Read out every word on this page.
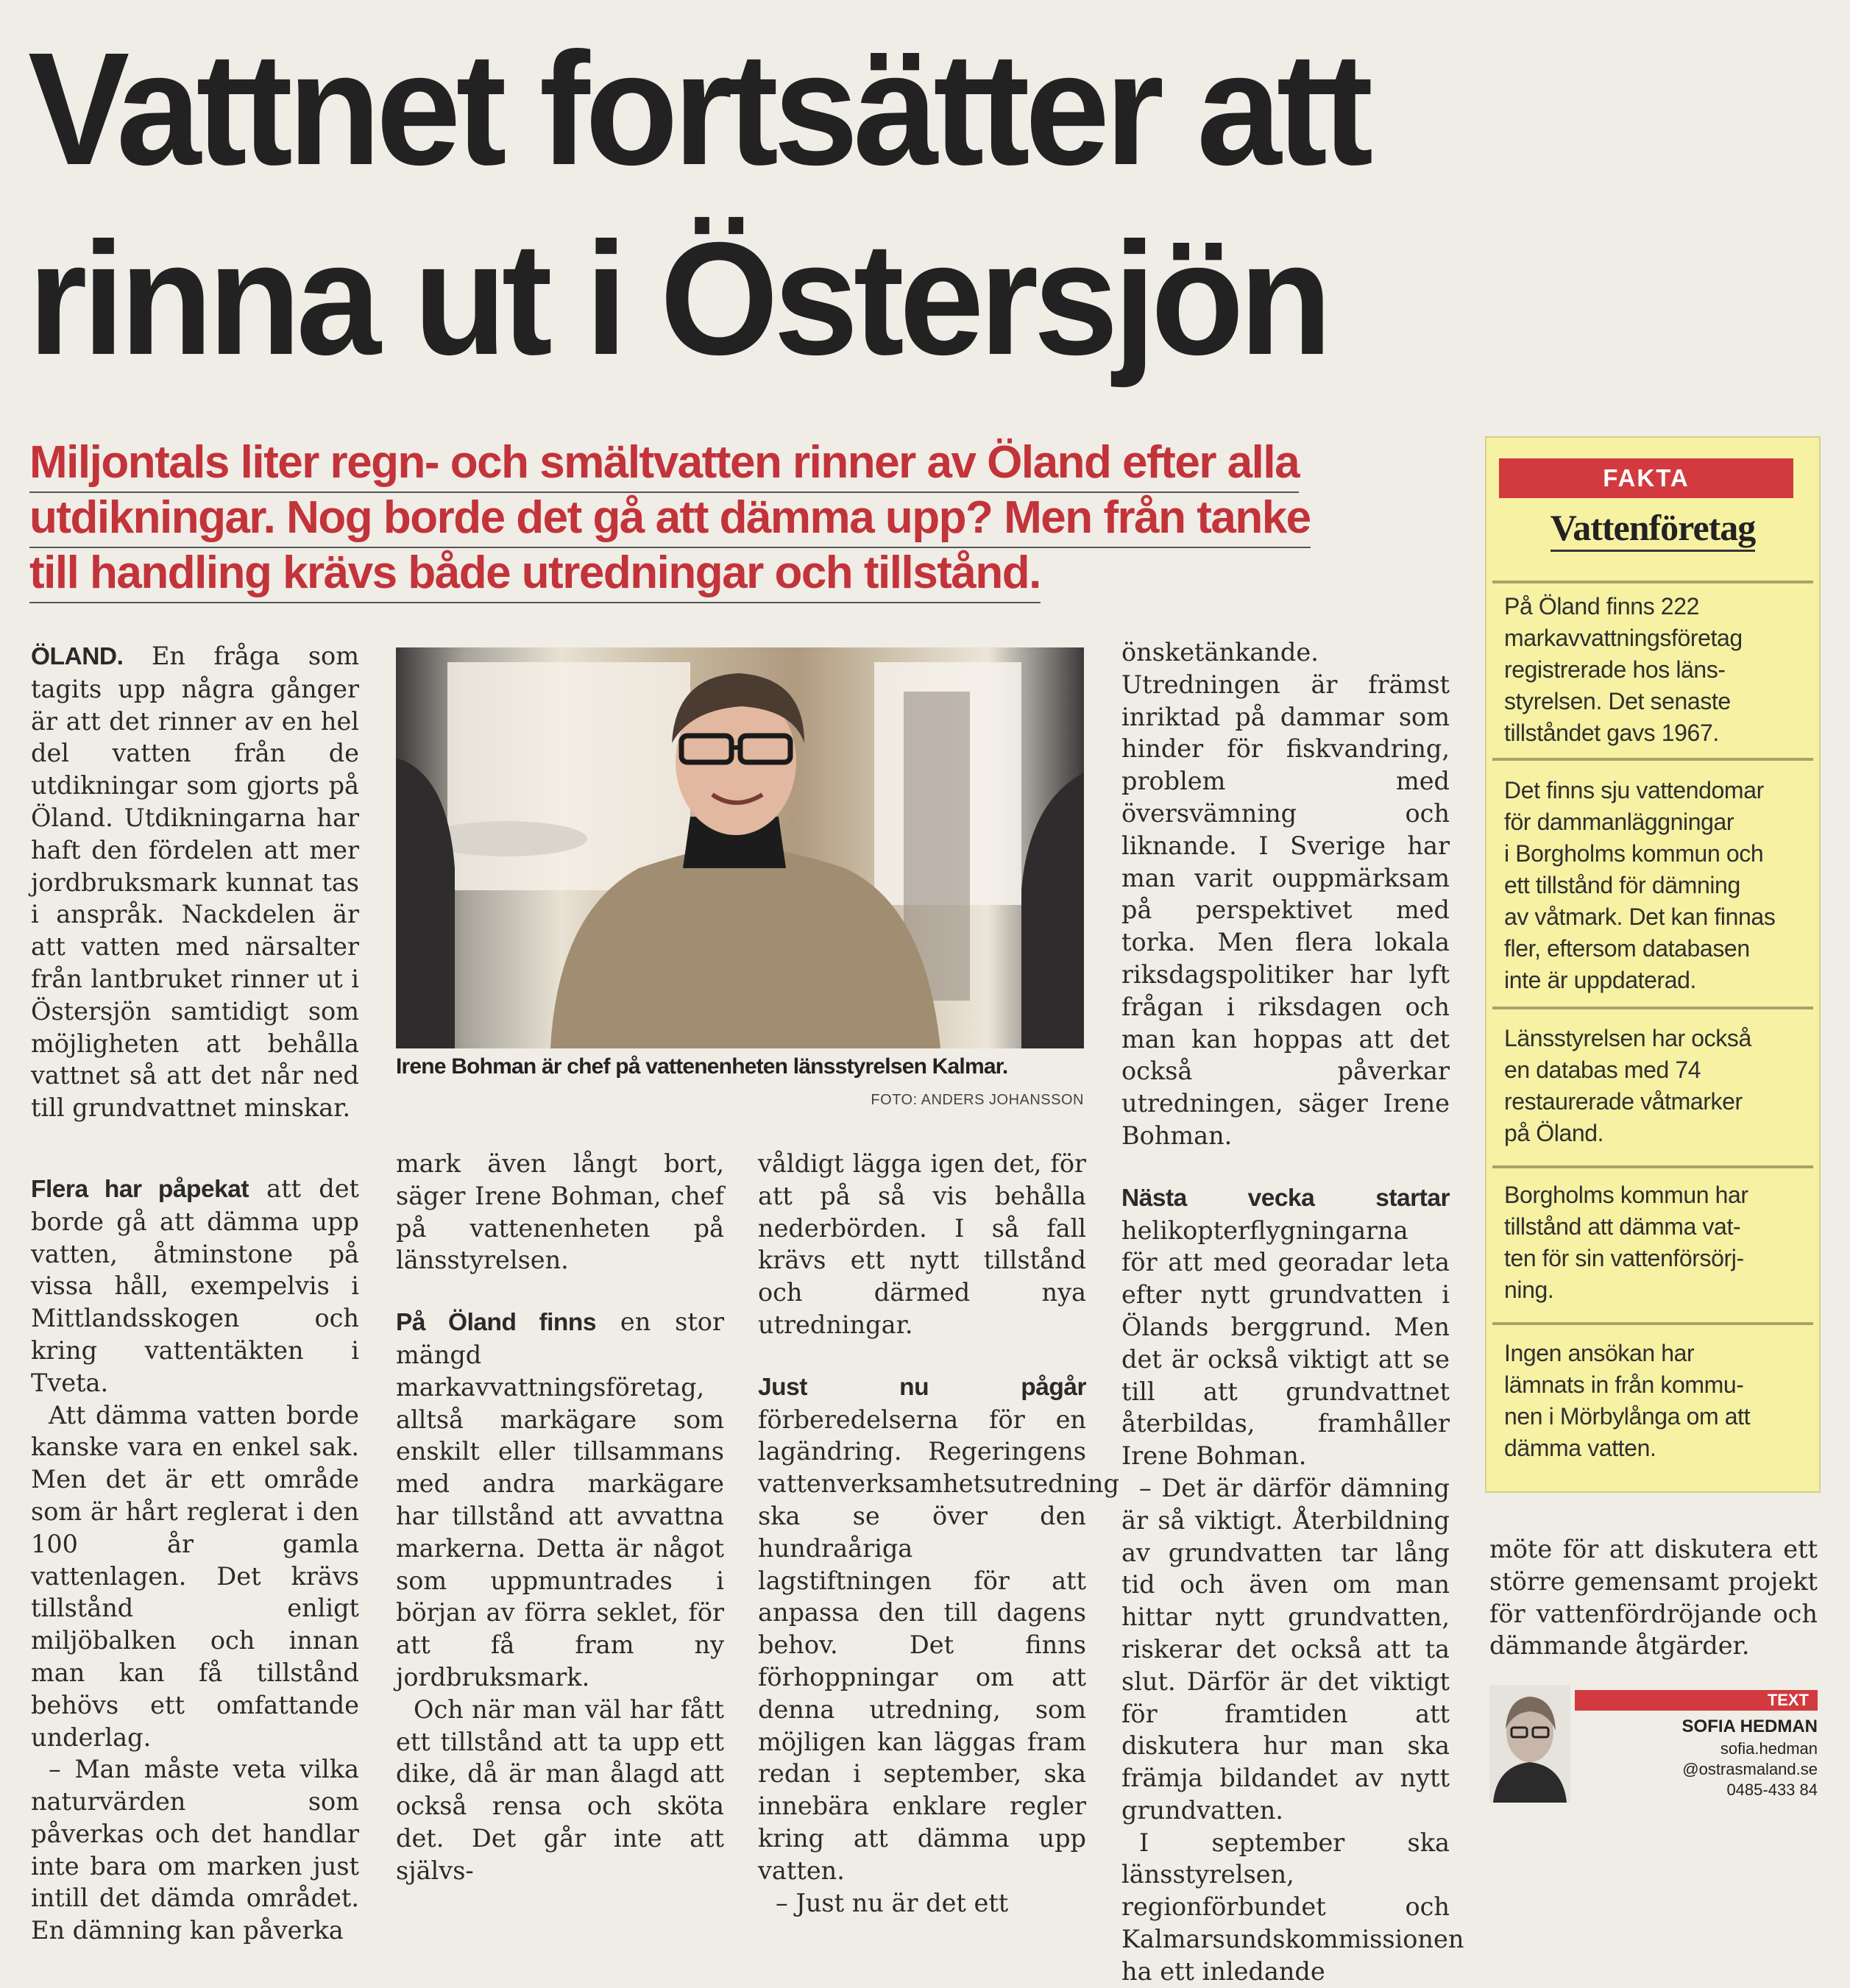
Vattnet fortsätter att
rinna ut i Östersjön
Miljontals liter regn- och smältvatten rinner av Öland efter alla
utdikningar. Nog borde det gå att dämma upp? Men från tanke
till handling krävs både utredningar och tillstånd.

ÖLAND. En fråga som tagits upp några gånger är att det rinner av en hel del vatten från de utdikningar som gjorts på Öland. Utdikningarna har haft den fördelen att mer jordbruksmark kunnat tas i anspråk. Nackdelen är att vatten med närsalter från lantbruket rinner ut i Östersjön samtidigt som möjligheten att behålla vattnet så att det når ned till grundvattnet minskar.

Flera har påpekat att det borde gå att dämma upp vatten, åtminstone på vissa håll, exempelvis i Mittlandsskogen och kring vattentäkten i Tveta.

Att dämma vatten borde kanske vara en enkel sak. Men det är ett område som är hårt reglerat i den 100 år gamla vattenlagen. Det krävs tillstånd enligt miljöbalken och innan man kan få tillstånd behövs ett omfattande underlag.

– Man måste veta vilka naturvärden som påverkas och det handlar inte bara om marken just intill det dämda området. En dämning kan påverka

Irene Bohman är chef på vattenenheten länsstyrelsen Kalmar.
FOTO: ANDERS JOHANSSON

mark även långt bort, säger Irene Bohman, chef på vattenenheten på länsstyrelsen.

På Öland finns en stor mängd markavvattningsföretag, alltså markägare som enskilt eller tillsammans med andra markägare har tillstånd att avvattna markerna. Detta är något som uppmuntrades i början av förra seklet, för att få fram ny jordbruksmark.

Och när man väl har fått ett tillstånd att ta upp ett dike, då är man ålagd att också rensa och sköta det. Det går inte att självs-

våldigt lägga igen det, för att på så vis behålla nederbörden. I så fall krävs ett nytt tillstånd och därmed nya utredningar.

Just nu pågår förberedelserna för en lagändring. Regeringens vattenverksamhetsutredning ska se över den hundraåriga lagstiftningen för att anpassa den till dagens behov. Det finns förhoppningar om att denna utredning, som möjligen kan läggas fram redan i september, ska innebära enklare regler kring att dämma upp vatten.

– Just nu är det ett

önsketänkande. Utredningen är främst inriktad på dammar som hinder för fiskvandring, problem med översvämning och liknande. I Sverige har man varit ouppmärksam på perspektivet med torka. Men flera lokala riksdagspolitiker har lyft frågan i riksdagen och man kan hoppas att det också påverkar utredningen, säger Irene Bohman.

Nästa vecka startar helikopterflygningarna för att med georadar leta efter nytt grundvatten i Ölands berggrund. Men det är också viktigt att se till att grundvattnet återbildas, framhåller Irene Bohman.

– Det är därför dämning är så viktigt. Återbildning av grundvatten tar lång tid och även om man hittar nytt grundvatten, riskerar det också att ta slut. Därför är det viktigt för framtiden att diskutera hur man ska främja bildandet av nytt grundvatten.

I september ska länsstyrelsen, regionförbundet och Kalmarsundskommissionen ha ett inledande

möte för att diskutera ett större gemensamt projekt för vattenfördröjande och dämmande åtgärder.

FAKTA
Vattenföretag
På Öland finns 222
markavvattningsföretag
registrerade hos läns-
styrelsen. Det senaste
tillståndet gavs 1967.
Det finns sju vattendomar
för dammanläggningar
i Borgholms kommun och
ett tillstånd för dämning
av våtmark. Det kan finnas
fler, eftersom databasen
inte är uppdaterad.
Länsstyrelsen har också
en databas med 74
restaurerade våtmarker
på Öland.
Borgholms kommun har
tillstånd att dämma vat-
ten för sin vattenförsörj-
ning.
Ingen ansökan har
lämnats in från kommu-
nen i Mörbylånga om att
dämma vatten.
TEXT
SOFIA HEDMAN
sofia.hedman
@ostrasmaland.se
0485-433 84
